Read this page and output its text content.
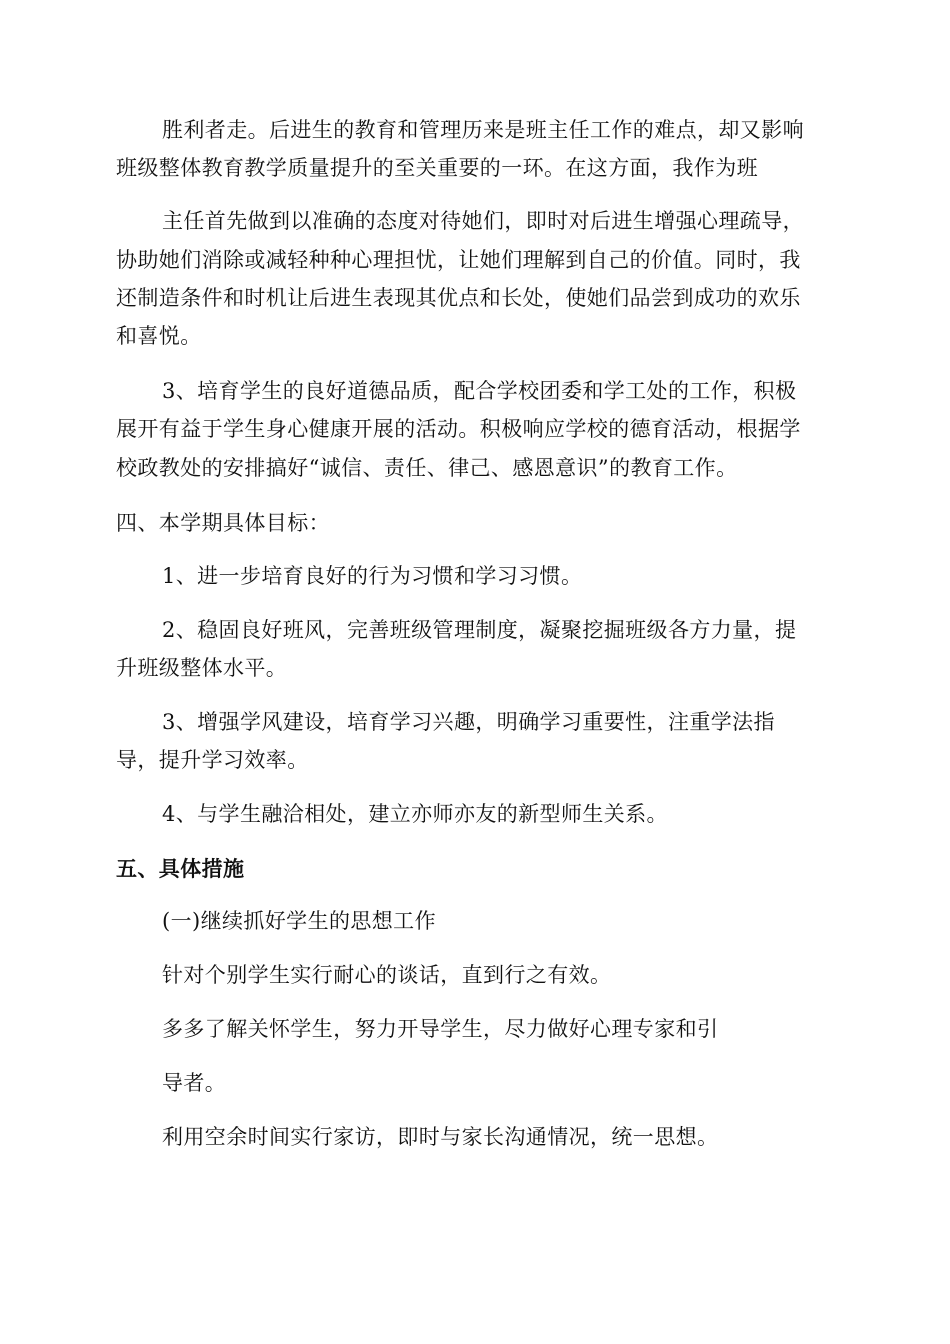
胜利者走。后进生的教育和管理历来是班主任工作的难点，却又影响
班级整体教育教学质量提升的至关重要的一环。在这方面，我作为班
主任首先做到以准确的态度对待她们，即时对后进生增强心理疏导，
协助她们消除或减轻种种心理担忧，让她们理解到自己的价值。同时，我
还制造条件和时机让后进生表现其优点和长处，使她们品尝到成功的欢乐
和喜悦。
3、培育学生的良好道德品质，配合学校团委和学工处的工作，积极
展开有益于学生身心健康开展的活动。积极响应学校的德育活动，根据学
校政教处的安排搞好“诚信、责任、律己、感恩意识”的教育工作。
四、本学期具体目标：
1、进一步培育良好的行为习惯和学习习惯。
2、稳固良好班风，完善班级管理制度，凝聚挖掘班级各方力量，提
升班级整体水平。
3、增强学风建设，培育学习兴趣，明确学习重要性，注重学法指
导，提升学习效率。
4、与学生融洽相处，建立亦师亦友的新型师生关系。
五、具体措施
(一)继续抓好学生的思想工作
针对个别学生实行耐心的谈话，直到行之有效。
多多了解关怀学生，努力开导学生，尽力做好心理专家和引
导者。
利用空余时间实行家访，即时与家长沟通情况，统一思想。
